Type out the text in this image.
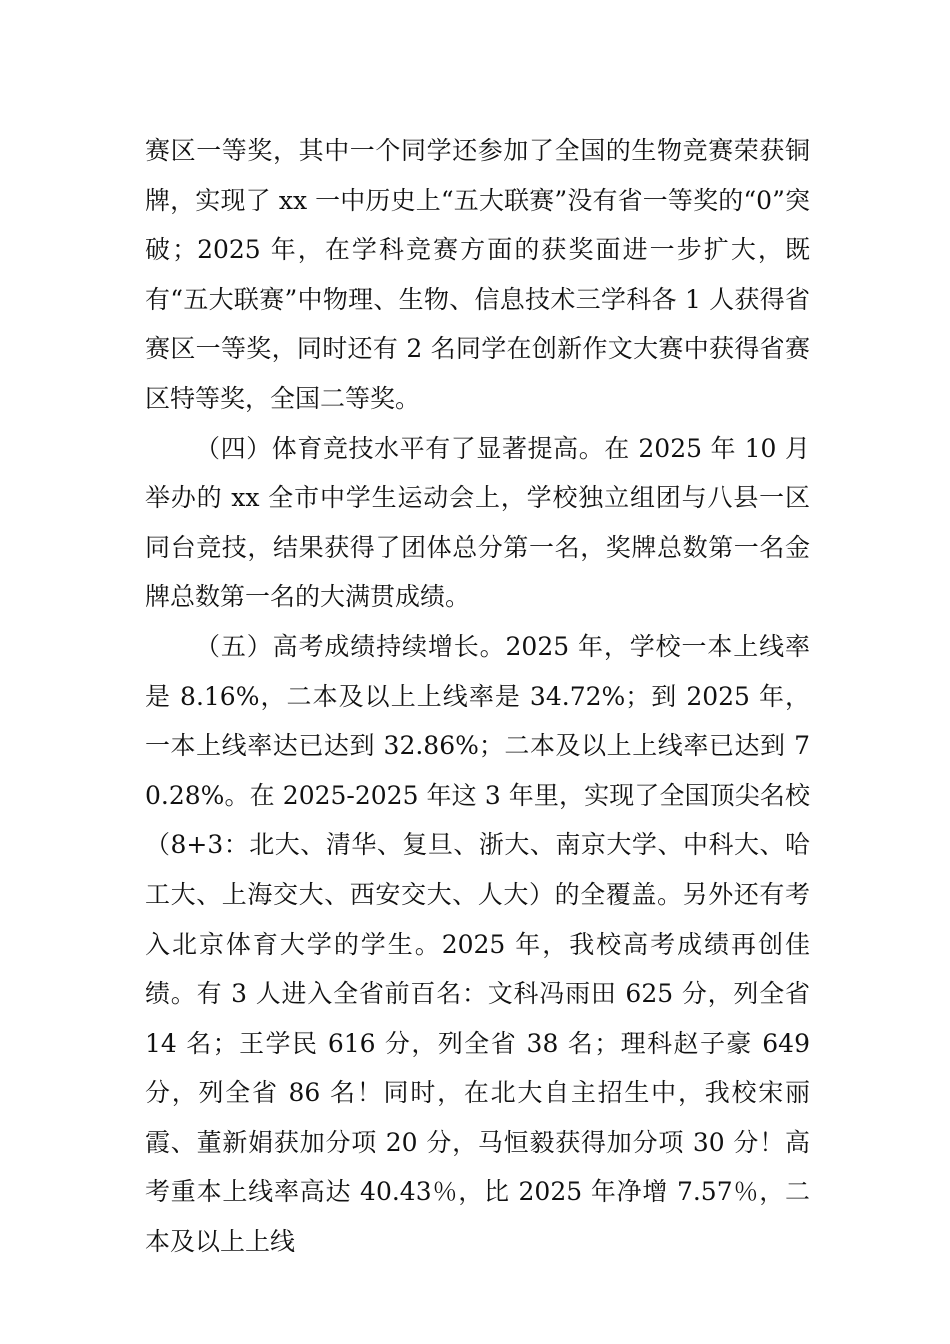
赛区一等奖，其中一个同学还参加了全国的生物竞赛荣获铜牌，实现了 xx 一中历史上“五大联赛”没有省一等奖的“0”突破；2025 年，在学科竞赛方面的获奖面进一步扩大，既有“五大联赛”中物理、生物、信息技术三学科各 1 人获得省赛区一等奖，同时还有 2 名同学在创新作文大赛中获得省赛区特等奖，全国二等奖。

（四）体育竞技水平有了显著提高。在 2025 年 10 月举办的 xx 全市中学生运动会上，学校独立组团与八县一区同台竞技，结果获得了团体总分第一名，奖牌总数第一名金牌总数第一名的大满贯成绩。

（五）高考成绩持续增长。2025 年，学校一本上线率是 8.16%，二本及以上上线率是 34.72%；到 2025 年，一本上线率达已达到 32.86%；二本及以上上线率已达到 70.28%。在 2025-2025 年这 3 年里，实现了全国顶尖名校（8+3：北大、清华、复旦、浙大、南京大学、中科大、哈工大、上海交大、西安交大、人大）的全覆盖。另外还有考入北京体育大学的学生。2025 年，我校高考成绩再创佳绩。有 3 人进入全省前百名：文科冯雨田 625 分，列全省 14 名；王学民 616 分，列全省 38 名；理科赵子豪 649 分，列全省 86 名！同时，在北大自主招生中，我校宋丽霞、董新娟获加分项 20 分，马恒毅获得加分项 30 分！高考重本上线率高达 40.43％，比 2025 年净增 7.57％，二本及以上上线
